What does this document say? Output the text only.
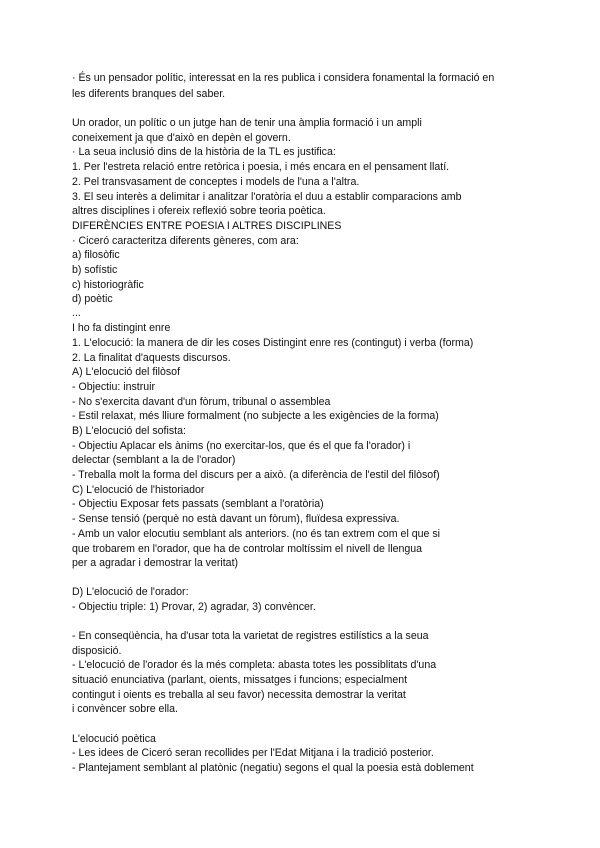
· És un pensador polític, interessat en la res publica i considera fonamental la formació en
les diferents branques del saber.
Un orador, un polític o un jutge han de tenir una àmplia formació i un ampli
coneixement ja que d'això en depèn el govern.
· La seua inclusió dins de la història de la TL es justifica:
1. Per l'estreta relació entre retòrica i poesia, i més encara en el pensament llatí.
2. Pel transvasament de conceptes i models de l'una a l'altra.
3. El seu interès a delimitar i analitzar l'oratòria el duu a establir comparacions amb
altres disciplines i ofereix reflexió sobre teoria poètica.
DIFERÈNCIES ENTRE POESIA I ALTRES DISCIPLINES
· Ciceró caracteritza diferents gèneres, com ara:
a) filosòfic
b) sofístic
c) historiogràfic
d) poètic
...
I ho fa distingint enre
1. L'elocució: la manera de dir les coses Distingint enre res (contingut) i verba (forma)
2. La finalitat d'aquests discursos.
A) L'elocució del filòsof
- Objectiu: instruir
- No s'exercita davant d'un fòrum, tribunal o assemblea
- Estil relaxat, més lliure formalment (no subjecte a les exigències de la forma)
B) L'elocució del sofista:
- Objectiu Aplacar els ànims (no exercitar-los, que és el que fa l'orador) i
delectar (semblant a la de l'orador)
- Treballa molt la forma del discurs per a això. (a diferència de l'estil del filòsof)
C) L'elocució de l'historiador
- Objectiu Exposar fets passats (semblant a l'oratòria)
- Sense tensió (perquè no està davant un fòrum), fluïdesa expressiva.
- Amb un valor elocutiu semblant als anteriors. (no és tan extrem com el que si
que trobarem en l'orador, que ha de controlar moltíssim el nivell de llengua
per a agradar i demostrar la veritat)
D) L'elocució de l'orador:
- Objectiu triple: 1) Provar, 2) agradar, 3) convèncer.
- En conseqüència, ha d'usar tota la varietat de registres estilístics a la seua
disposició.
- L'elocució de l'orador és la més completa: abasta totes les possiblitats d'una
situació enunciativa (parlant, oients, missatges i funcions; especialment
contingut i oients es treballa al seu favor) necessita demostrar la veritat
i convèncer sobre ella.
L'elocució poètica
- Les idees de Ciceró seran recollides per l'Edat Mitjana i la tradició posterior.
- Plantejament semblant al platònic (negatiu) segons el qual la poesia està doblement
